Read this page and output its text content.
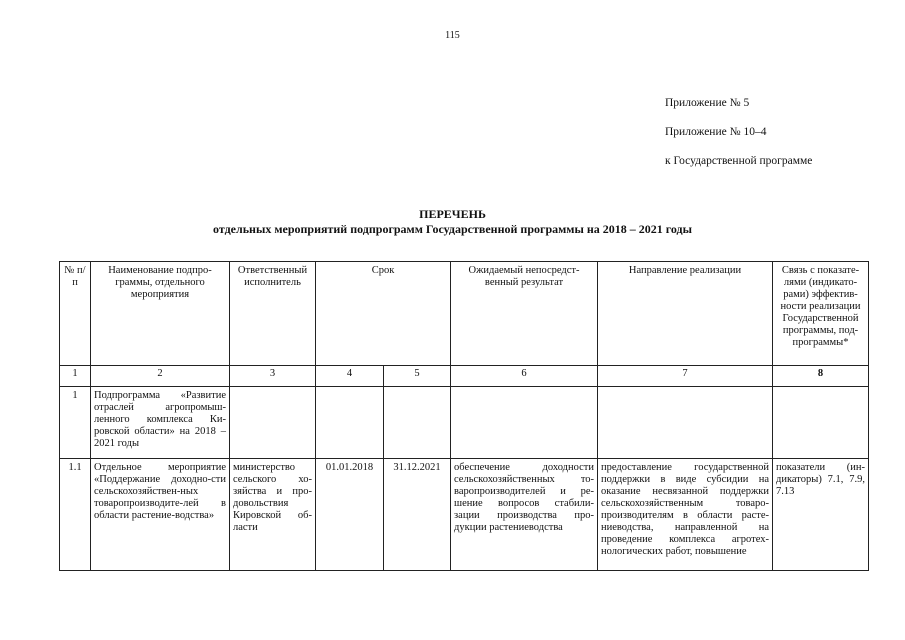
115
Приложение № 5
Приложение № 10–4
к Государственной программе
ПЕРЕЧЕНЬ
отдельных мероприятий подпрограмм Государственной программы на 2018 – 2021 годы
№ п/п	Наименование подпро-граммы, отдельного мероприятия	Ответственный исполнитель	Срок		Ожидаемый непосредст-венный результат	Направление реализации	Связь с показате-лями (индикато-рами) эффектив-ности реализации Государственной программы, под-программы*
1	2	3	4	5	6	7	8
1	Подпрограмма «Развитие отраслей агропромыш-ленного комплекса Ки-ровской области» на 2018 – 2021 годы						
1.1	Отдельное мероприятие «Поддержание доходно-сти сельскохозяйствен-ных товаропроизводите-лей в области растение-водства»	министерство сельского хо-зяйства и про-довольствия Кировской об-ласти	01.01.2018	31.12.2021	обеспечение доходности сельскохозяйственных то-варопроизводителей и ре-шение вопросов стабили-зации производства про-дукции растениеводства	предоставление государственной поддержки в виде субсидии на оказание несвязанной поддержки сельскохозяйственным товаро-производителям в области расте-ниеводства, направленной на проведение комплекса агротех-нологических работ, повышение	показатели (ин-дикаторы) 7.1, 7.9, 7.13
